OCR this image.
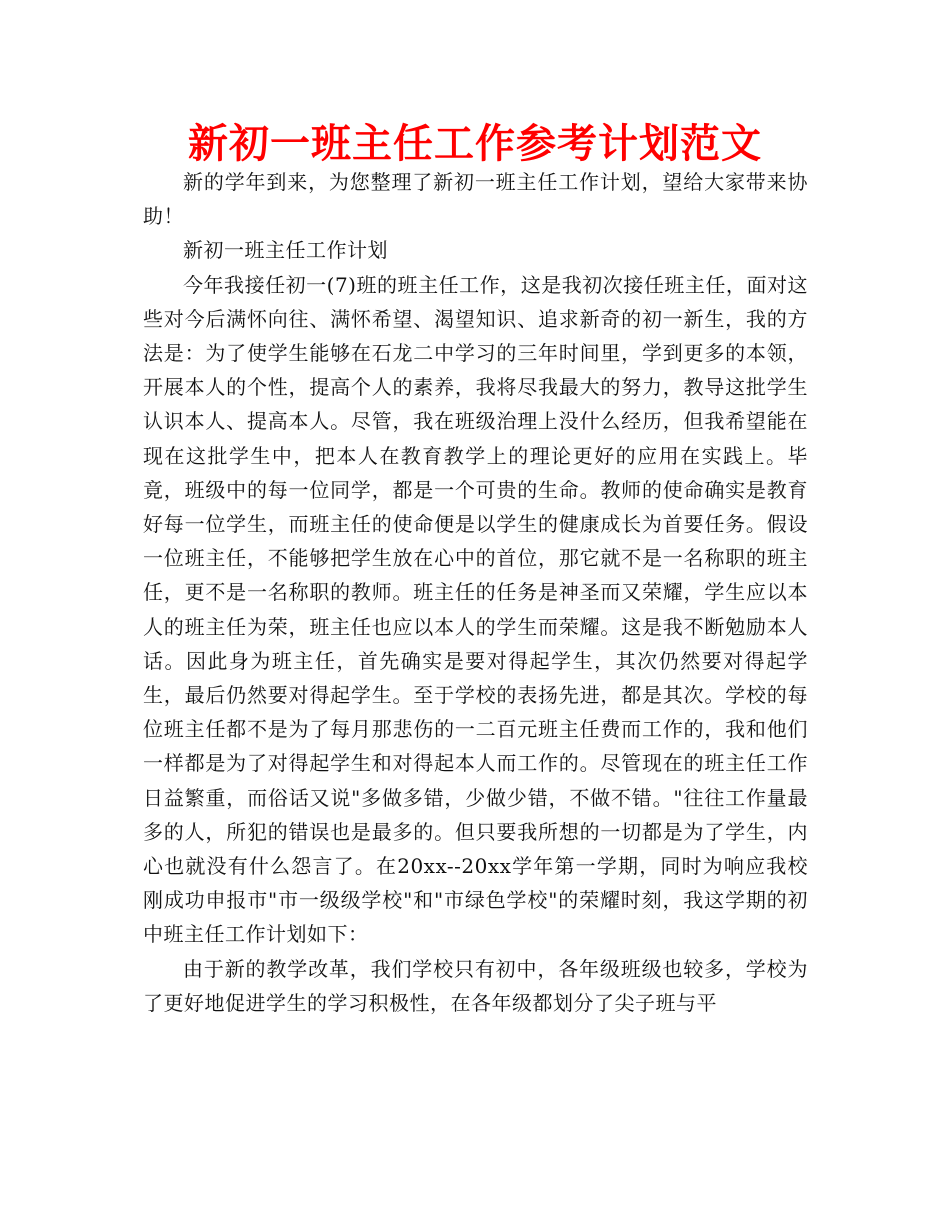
新初一班主任工作参考计划范文

新的学年到来，为您整理了新初一班主任工作计划，望给大家带来协助！

新初一班主任工作计划

今年我接任初一(7)班的班主任工作，这是我初次接任班主任，面对这些对今后满怀向往、满怀希望、渴望知识、追求新奇的初一新生，我的方法是：为了使学生能够在石龙二中学习的三年时间里，学到更多的本领，开展本人的个性，提高个人的素养，我将尽我最大的努力，教导这批学生认识本人、提高本人。尽管，我在班级治理上没什么经历，但我希望能在现在这批学生中，把本人在教育教学上的理论更好的应用在实践上。毕竟，班级中的每一位同学，都是一个可贵的生命。教师的使命确实是教育好每一位学生，而班主任的使命便是以学生的健康成长为首要任务。假设一位班主任，不能够把学生放在心中的首位，那它就不是一名称职的班主任，更不是一名称职的教师。班主任的任务是神圣而又荣耀，学生应以本人的班主任为荣，班主任也应以本人的学生而荣耀。这是我不断勉励本人话。因此身为班主任，首先确实是要对得起学生，其次仍然要对得起学生，最后仍然要对得起学生。至于学校的表扬先进，都是其次。学校的每位班主任都不是为了每月那悲伤的一二百元班主任费而工作的，我和他们一样都是为了对得起学生和对得起本人而工作的。尽管现在的班主任工作日益繁重，而俗话又说"多做多错，少做少错，不做不错。"往往工作量最多的人，所犯的错误也是最多的。但只要我所想的一切都是为了学生，内心也就没有什么怨言了。在20xx--20xx学年第一学期，同时为响应我校刚成功申报市"市一级级学校"和"市绿色学校"的荣耀时刻，我这学期的初中班主任工作计划如下：

由于新的教学改革，我们学校只有初中，各年级班级也较多，学校为了更好地促进学生的学习积极性，在各年级都划分了尖子班与平
